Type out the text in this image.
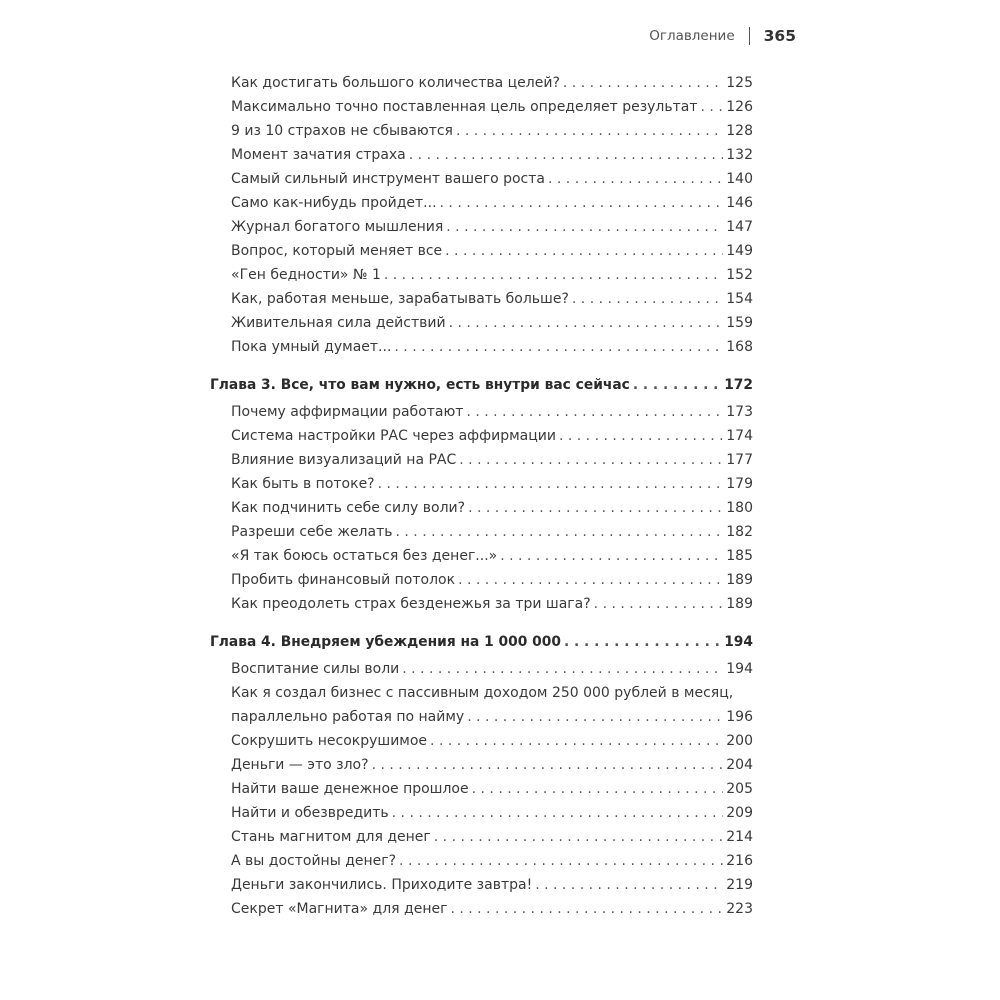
Оглавление 365
Как достигать большого количества целей? . . .	125
Максимально точно поставленная цель определяет результат . . . 126
9 из 10 страхов не сбываются . . .	128
Момент зачатия страха . . .	132
Самый сильный инструмент вашего роста . . .	140
Само как-нибудь пройдет... . . .	146
Журнал богатого мышления . . .	147
Вопрос, который меняет все . . .	149
«Ген бедности» № 1 . . .	152
Как, работая меньше, зарабатывать больше? . . .	154
Живительная сила действий . . .	159
Пока умный думает... . . .	168
Глава 3. Все, что вам нужно, есть внутри вас сейчас . . .	172
Почему аффирмации работают . . .	173
Система настройки РАС через аффирмации . . .	174
Влияние визуализаций на РАС . . .	177
Как быть в потоке? . . .	179
Как подчинить себе силу воли? . . .	180
Разреши себе желать . . .	182
«Я так боюсь остаться без денег...» . . .	185
Пробить финансовый потолок . . .	189
Как преодолеть страх безденежья за три шага? . . .	189
Глава 4. Внедряем убеждения на 1 000 000 . . .	194
Воспитание силы воли . . .	194
Как я создал бизнес с пассивным доходом 250 000 рублей в месяц,
параллельно работая по найму . . .	196
Сокрушить несокрушимое . . .	200
Деньги — это зло? . . .	204
Найти ваше денежное прошлое . . .	205
Найти и обезвредить . . .	209
Стань магнитом для денег . . .	214
А вы достойны денег? . . .	216
Деньги закончились. Приходите завтра! . . .	219
Секрет «Магнита» для денег . . .	223
